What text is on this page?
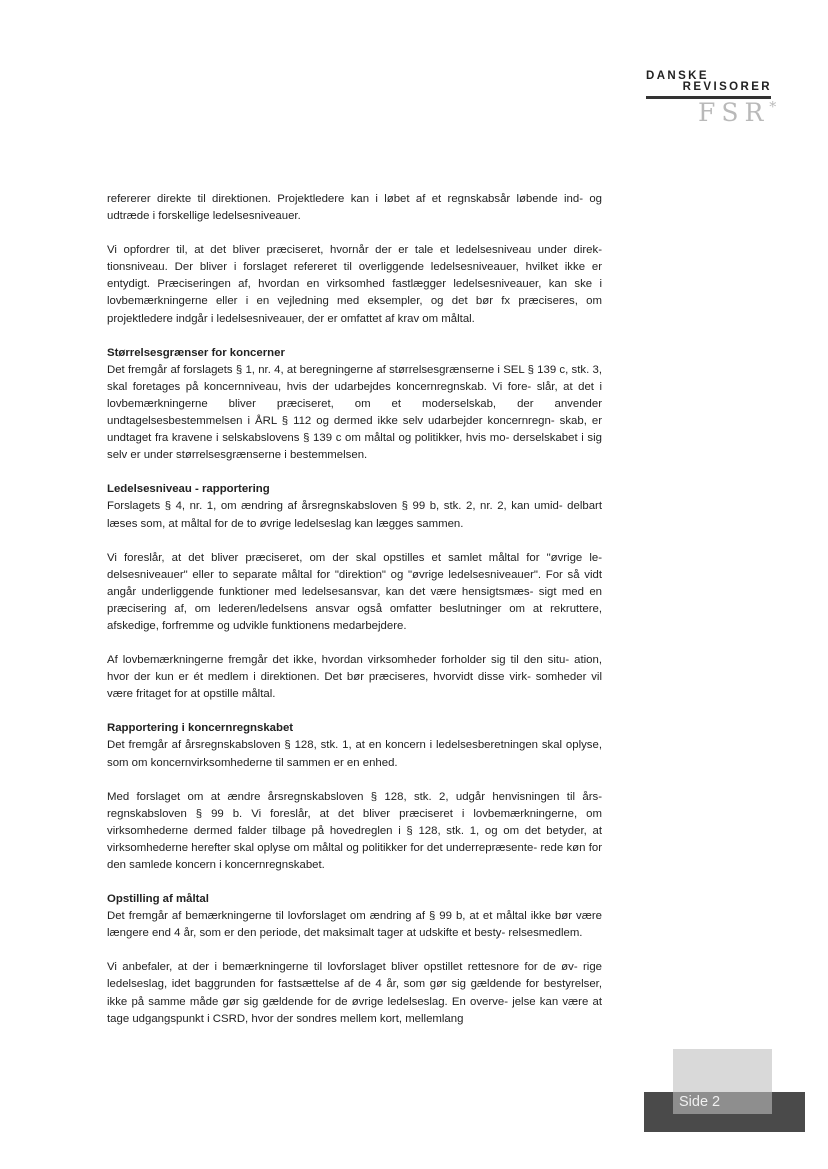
DANSKE
REVISORER
FSR*

refererer direkte til direktionen. Projektledere kan i løbet af et regnskabsår løbende ind- og udtræde i forskellige ledelsesniveauer.

Vi opfordrer til, at det bliver præciseret, hvornår der er tale et ledelsesniveau under direk- tionsniveau. Der bliver i forslaget refereret til overliggende ledelsesniveauer, hvilket ikke er entydigt. Præciseringen af, hvordan en virksomhed fastlægger ledelsesniveauer, kan ske i lovbemærkningerne eller i en vejledning med eksempler, og det bør fx præciseres, om projektledere indgår i ledelsesniveauer, der er omfattet af krav om måltal.

Størrelsesgrænser for koncerner

Det fremgår af forslagets § 1, nr. 4, at beregningerne af størrelsesgrænserne i SEL § 139 c, stk. 3, skal foretages på koncernniveau, hvis der udarbejdes koncernregnskab. Vi fore- slår, at det i lovbemærkningerne bliver præciseret, om et moderselskab, der anvender undtagelsesbestemmelsen i ÅRL § 112 og dermed ikke selv udarbejder koncernregn- skab, er undtaget fra kravene i selskabslovens § 139 c om måltal og politikker, hvis mo- derselskabet i sig selv er under størrelsesgrænserne i bestemmelsen.

Ledelsesniveau - rapportering

Forslagets § 4, nr. 1, om ændring af årsregnskabsloven § 99 b, stk. 2, nr. 2, kan umid- delbart læses som, at måltal for de to øvrige ledelseslag kan lægges sammen.

Vi foreslår, at det bliver præciseret, om der skal opstilles et samlet måltal for "øvrige le- delsesniveauer" eller to separate måltal for "direktion" og "øvrige ledelsesniveauer". For så vidt angår underliggende funktioner med ledelsesansvar, kan det være hensigtsmæs- sigt med en præcisering af, om lederen/ledelsens ansvar også omfatter beslutninger om at rekruttere, afskedige, forfremme og udvikle funktionens medarbejdere.

Af lovbemærkningerne fremgår det ikke, hvordan virksomheder forholder sig til den situ- ation, hvor der kun er ét medlem i direktionen. Det bør præciseres, hvorvidt disse virk- somheder vil være fritaget for at opstille måltal.

Rapportering i koncernregnskabet

Det fremgår af årsregnskabsloven § 128, stk. 1, at en koncern i ledelsesberetningen skal oplyse, som om koncernvirksomhederne til sammen er en enhed.

Med forslaget om at ændre årsregnskabsloven § 128, stk. 2, udgår henvisningen til års- regnskabsloven § 99 b. Vi foreslår, at det bliver præciseret i lovbemærkningerne, om virksomhederne dermed falder tilbage på hovedreglen i § 128, stk. 1, og om det betyder, at virksomhederne herefter skal oplyse om måltal og politikker for det underrepræsente- rede køn for den samlede koncern i koncernregnskabet.

Opstilling af måltal

Det fremgår af bemærkningerne til lovforslaget om ændring af § 99 b, at et måltal ikke bør være længere end 4 år, som er den periode, det maksimalt tager at udskifte et besty- relsesmedlem.

Vi anbefaler, at der i bemærkningerne til lovforslaget bliver opstillet rettesnore for de øv- rige ledelseslag, idet baggrunden for fastsættelse af de 4 år, som gør sig gældende for bestyrelser, ikke på samme måde gør sig gældende for de øvrige ledelseslag. En overve- jelse kan være at tage udgangspunkt i CSRD, hvor der sondres mellem kort, mellemlang

Side 2
